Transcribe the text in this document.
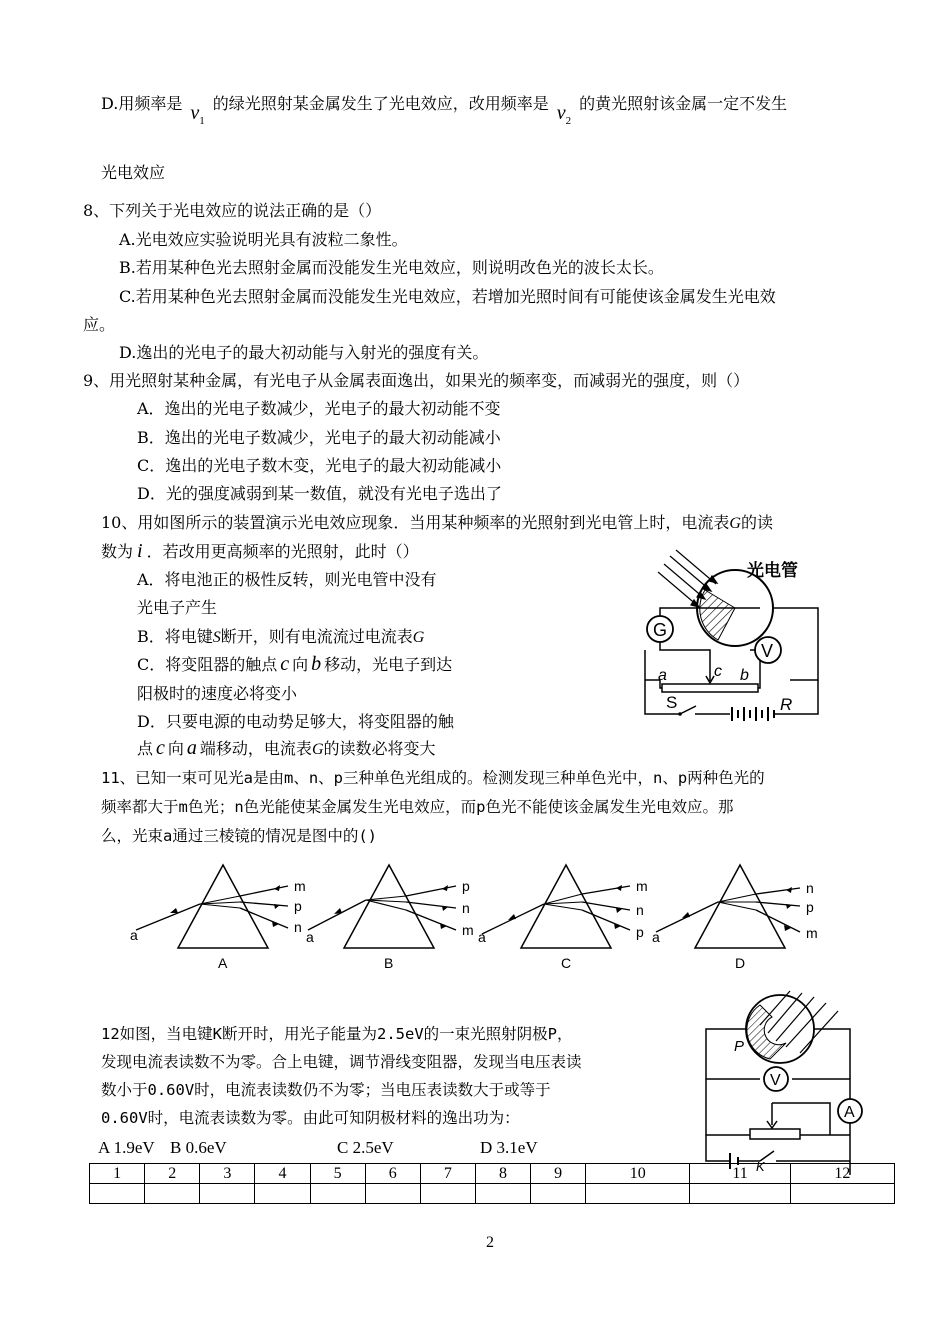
D.用频率是 $\nu_1$的绿光照射某金属发生了光电效应，改用频率是 $\nu_2$的黄光照射该金属一定不发生
光电效应
8、下列关于光电效应的说法正确的是（）
A.光电效应实验说明光具有波粒二象性。
B.若用某种色光去照射金属而没能发生光电效应，则说明改色光的波长太长。
C.若用某种色光去照射金属而没能发生光电效应，若增加光照时间有可能使该金属发生光电效
应。
D.逸出的光电子的最大初动能与入射光的强度有关。
9、用光照射某种金属，有光电子从金属表面逸出，如果光的频率变，而减弱光的强度，则（）
A．逸出的光电子数减少，光电子的最大初动能不变
B．逸出的光电子数减少，光电子的最大初动能减小
C．逸出的光电子数木变，光电子的最大初动能减小
D．光的强度减弱到某一数值，就没有光电子选出了
10、用如图所示的装置演示光电效应现象．当用某种频率的光照射到光电管上时，电流表G的读
数为 i ．若改用更高频率的光照射，此时（）
A．将电池正的极性反转，则光电管中没有
光电子产生
B．将电键S断开，则有电流流过电流表G
C．将变阻器的触点 c 向 b 移动，光电子到达
阳极时的速度必将变小
D．只要电源的电动势足够大，将变阻器的触
点 c 向 a 端移动，电流表G的读数必将变大
光电管
G
V
a	c b
S	R
11、已知一束可见光a是由m、n、p三种单色光组成的。检测发现三种单色光中，n、p两种色光的
频率都大于m色光；n色光能使某金属发生光电效应，而p色光不能使该金属发生光电效应。那
么，光束a通过三棱镜的情况是图中的()
a
m
p
n
A
a
p
n
m
B
a
m
n
p
C
a
n
p
m
D
12如图，当电键K断开时，用光子能量为2.5eV的一束光照射阴极P，
发现电流表读数不为零。合上电键，调节滑线变阻器，发现当电压表读
数小于0.60V时，电流表读数仍不为零；当电压表读数大于或等于
0.60V时，电流表读数为零。由此可知阴极材料的逸出功为：
A 1.9eV B 0.6eV	C 2.5eV	D 3.1eV
P
V
A
K
1	2	3	4	5	6	7	8	9	10	11	12

2
